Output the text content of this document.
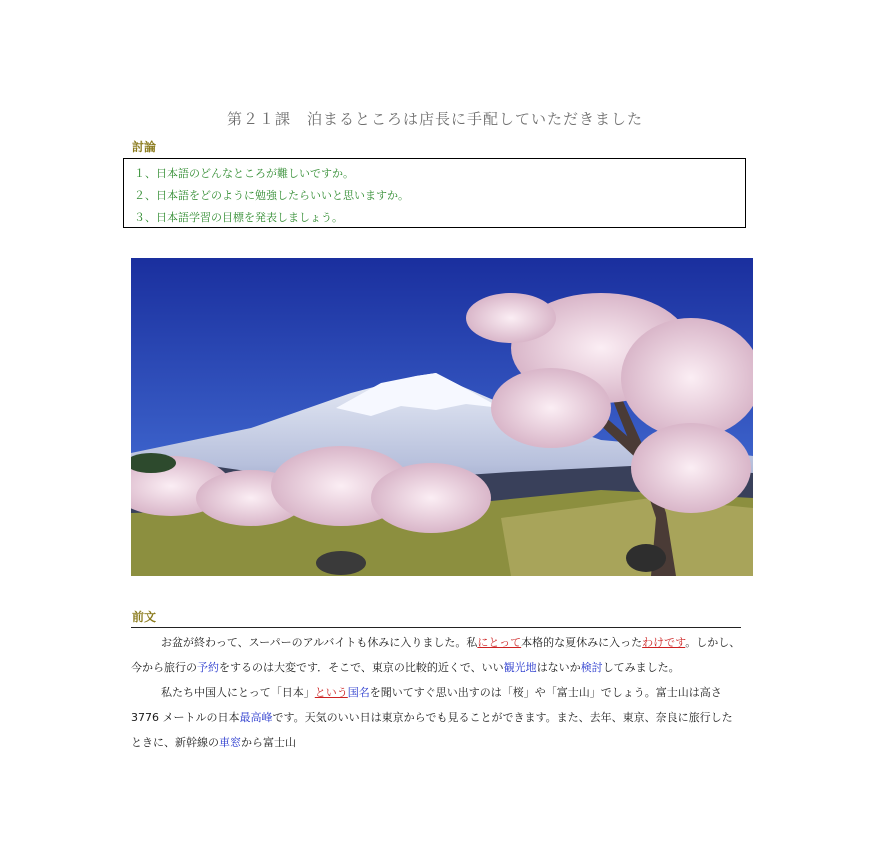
第２１課　泊まるところは店長に手配していただきました
討論
１、日本語のどんなところが難しいですか。
２、日本語をどのように勉強したらいいと思いますか。
３、日本語学習の目標を発表しましょう。
前文

お盆が終わって、スーパーのアルバイトも休みに入りました。私にとって本格的な夏休みに入ったわけです。しかし、今から旅行の予約をするのは大変です．そこで、東京の比較的近くで、いい観光地はないか検討してみました。

私たち中国人にとって「日本」という国名を聞いてすぐ思い出すのは「桜」や「富士山」でしょう。富士山は高さ 3776 メートルの日本最高峰です。天気のいい日は東京からでも見ることができます。また、去年、東京、奈良に旅行したときに、新幹線の車窓から富士山
